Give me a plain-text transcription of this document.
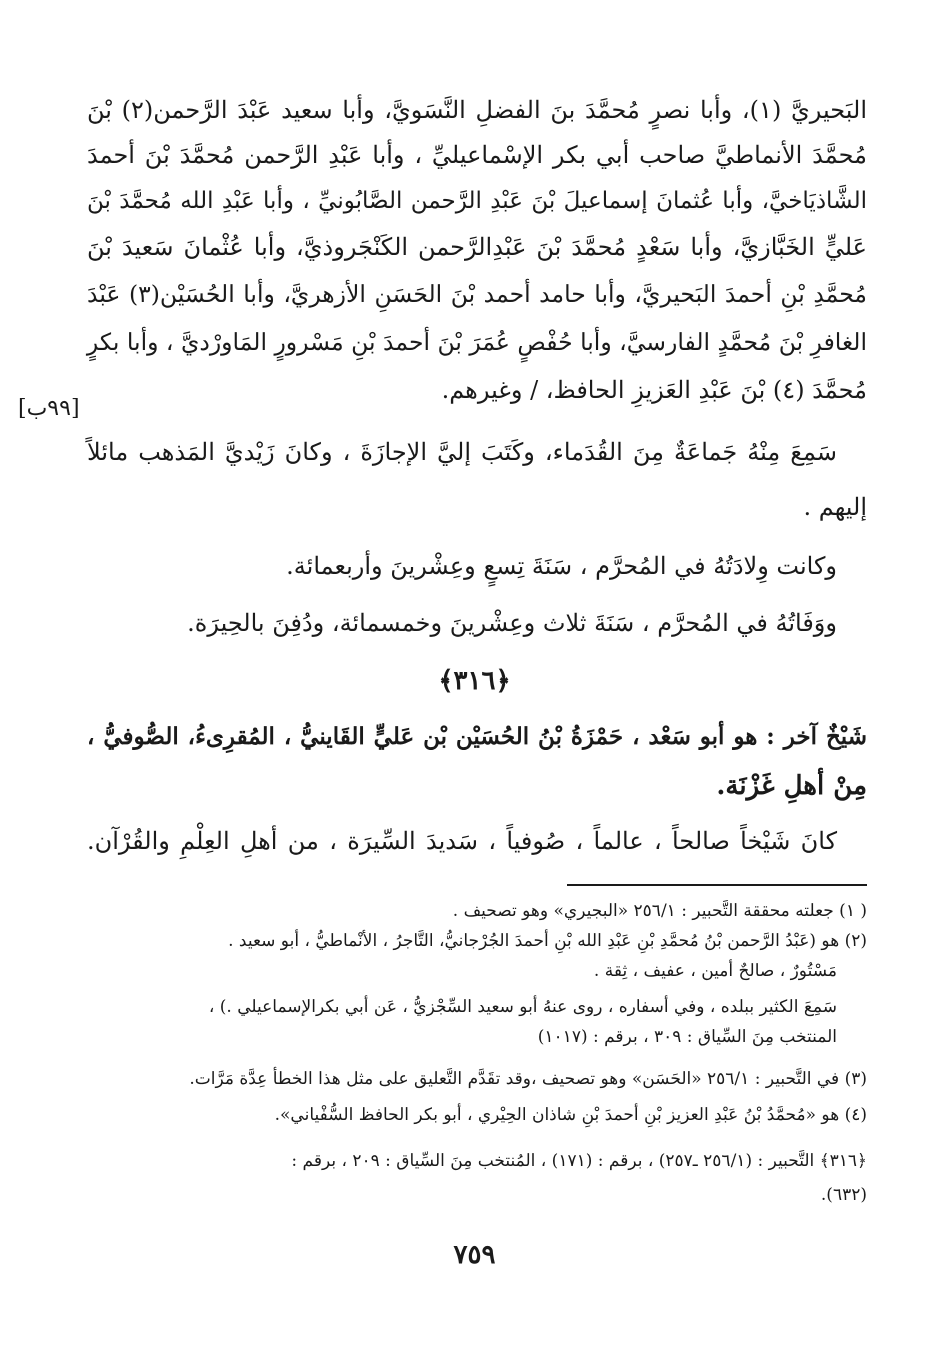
[٩٩ب]
البَحيريَّ (١)، وأبا نصرٍ مُحمَّدَ بنَ الفضلِ النَّسَويَّ، وأبا سعيد عَبْدَ الرَّحمن(٢) بْنَ
مُحمَّدَ الأنماطيَّ صاحب أبي بكر الإسْماعيليِّ ، وأبا عَبْدِ الرَّحمن مُحمَّدَ بْنَ أحمدَ
الشَّاذيَاخيَّ، وأبا عُثمانَ إسماعيلَ بْنَ عَبْدِ الرَّحمن الصَّابُونيِّ ، وأبا عَبْدِ الله مُحمَّدَ بْنَ
عَليٍّ الخَبَّازيَّ، وأبا سَعْدٍ مُحمَّدَ بْنَ عَبْدِالرَّحمن الكَنْجَروذيَّ، وأبا عُثْمانَ سَعيدَ بْنَ
مُحمَّدِ بْنِ أحمدَ البَحيريَّ، وأبا حامد أحمد بْنَ الحَسَنِ الأزهريَّ، وأبا الحُسَيْن(٣) عَبْدَ
الغافرِ بْنَ مُحمَّدٍ الفارسيَّ، وأبا حُفْصٍ عُمَرَ بْنَ أحمدَ بْنِ مَسْرورٍ المَاورْديَّ ، وأبا بكرٍ
مُحمَّدَ (٤) بْنَ عَبْدِ العَزيزِ الحافظ، / وغيرهم.
سَمِعَ مِنْهُ جَماعَةٌ مِنَ القُدَماء، وكَتَبَ إليَّ الإجازَةَ ، وكانَ زَيْديَّ المَذهب مائلاً
إليهم .
وكانت وِلادَتُهُ في المُحرَّم ، سَنَةَ تِسعٍ وعِشْرينَ وأربعمائة.
ووَفَاتُهُ في المُحرَّم ، سَنَةَ ثلاث وعِشْرينَ وخمسمائة، ودُفِنَ بالحِيرَة.
﴿٣١٦﴾
شَيْخٌ آخر : هو أبو سَعْد ، حَمْزَةُ بْنُ الحُسَيْن بْن عَليٍّ القَاينيُّ ، المُقرِىءُ، الصُّوفيُّ ،
مِنْ أهلِ غَزْنَة.
كانَ شَيْخاً صالحاً ، عالماً ، صُوفياً ، سَديدَ السِّيرَة ، من أهلِ العِلْمِ والقُرْآن.
( ١) جعلته محققة التَّحبير : ٢٥٦/١ «البجيري» وهو تصحيف .
(٢) هو (عَبْدُ الرَّحمن بْنُ مُحمَّدِ بْنِ عَبْدِ الله بْنِ أحمدَ الجُرْجانيُّ، التَّاجرُ ، الأنْماطيُّ ، أبو سعيد .
مَسْتُورٌ ، صالحٌ أمين ، عفيف ، ثِقة .
سَمِعَ الكثير ببلده ، وفي أسفاره ، روى عنهُ أبو سعيد السِّجْزيُّ ، عَن أبي بكرالإسماعيلي .) ،
المنتخب مِنَ السِّياق : ٣٠٩ ، برقم : (١٠١٧)
(٣) في التَّحبير : ٢٥٦/١ «الحَسَن» وهو تصحيف ،وقد تقَدَّم التَّعليق على مثل هذا الخطأ عِدَّة مَرَّات.
(٤) هو «مُحمَّدُ بْنُ عَبْدِ العزيز بْنِ أحمدَ بْنِ شاذان الحِيْري ، أبو بكر الحافظ السُّفْياني».
﴿٣١٦﴾ التَّحبير : (٢٥٦/١ ـ٢٥٧) ، برقم : (١٧١) ، المُنتخب مِنَ السِّياق : ٢٠٩ ، برقم :
(٦٣٢).
٧٥٩
